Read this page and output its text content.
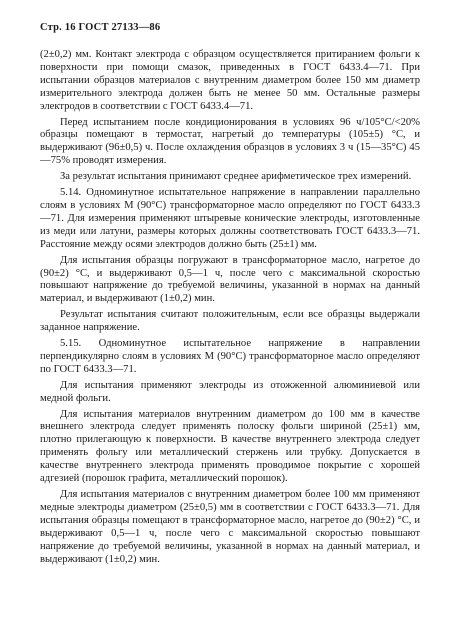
Стр. 16 ГОСТ 27133—86

(2±0,2) мм. Контакт электрода с образцом осуществляется притиранием фольги к поверхности при помощи смазок, приведенных в ГОСТ 6433.4—71. При испытании образцов материалов с внутренним диаметром более 150 мм диаметр измерительного электрода должен быть не менее 50 мм. Остальные размеры электродов в соответствии с ГОСТ 6433.4—71.

Перед испытанием после кондиционирования в условиях 96 ч/105°C/<20% образцы помещают в термостат, нагретый до температуры (105±5) °C, и выдерживают (96±0,5) ч. После охлаждения образцов в условиях 3 ч (15—35°C) 45—75% проводят измерения.

За результат испытания принимают среднее арифметическое трех измерений.

5.14. Одноминутное испытательное напряжение в направлении параллельно слоям в условиях М (90°C) трансформаторное масло определяют по ГОСТ 6433.3—71. Для измерения применяют штыревые конические электроды, изготовленные из меди или латуни, размеры которых должны соответствовать ГОСТ 6433.3—71. Расстояние между осями электродов должно быть (25±1) мм.

Для испытания образцы погружают в трансформаторное масло, нагретое до (90±2) °C, и выдерживают 0,5—1 ч, после чего с максимальной скоростью повышают напряжение до требуемой величины, указанной в нормах на данный материал, и выдерживают (1±0,2) мин.

Результат испытания считают положительным, если все образцы выдержали заданное напряжение.

5.15. Одноминутное испытательное напряжение в направлении перпендикулярно слоям в условиях М (90°C) трансформаторное масло определяют по ГОСТ 6433.3—71.

Для испытания применяют электроды из отожженной алюминиевой или медной фольги.

Для испытания материалов внутренним диаметром до 100 мм в качестве внешнего электрода следует применять полоску фольги шириной (25±1) мм, плотно прилегающую к поверхности. В качестве внутреннего электрода следует применять фольгу или металлический стержень или трубку. Допускается в качестве внутреннего электрода применять проводимое покрытие с хорошей адгезией (порошок графита, металлический порошок).

Для испытания материалов с внутренним диаметром более 100 мм применяют медные электроды диаметром (25±0,5) мм в соответствии с ГОСТ 6433.3—71. Для испытания образцы помещают в трансформаторное масло, нагретое до (90±2) °C, и выдерживают 0,5—1 ч, после чего с максимальной скоростью повышают напряжение до требуемой величины, указанной в нормах на данный материал, и выдерживают (1±0,2) мин.
